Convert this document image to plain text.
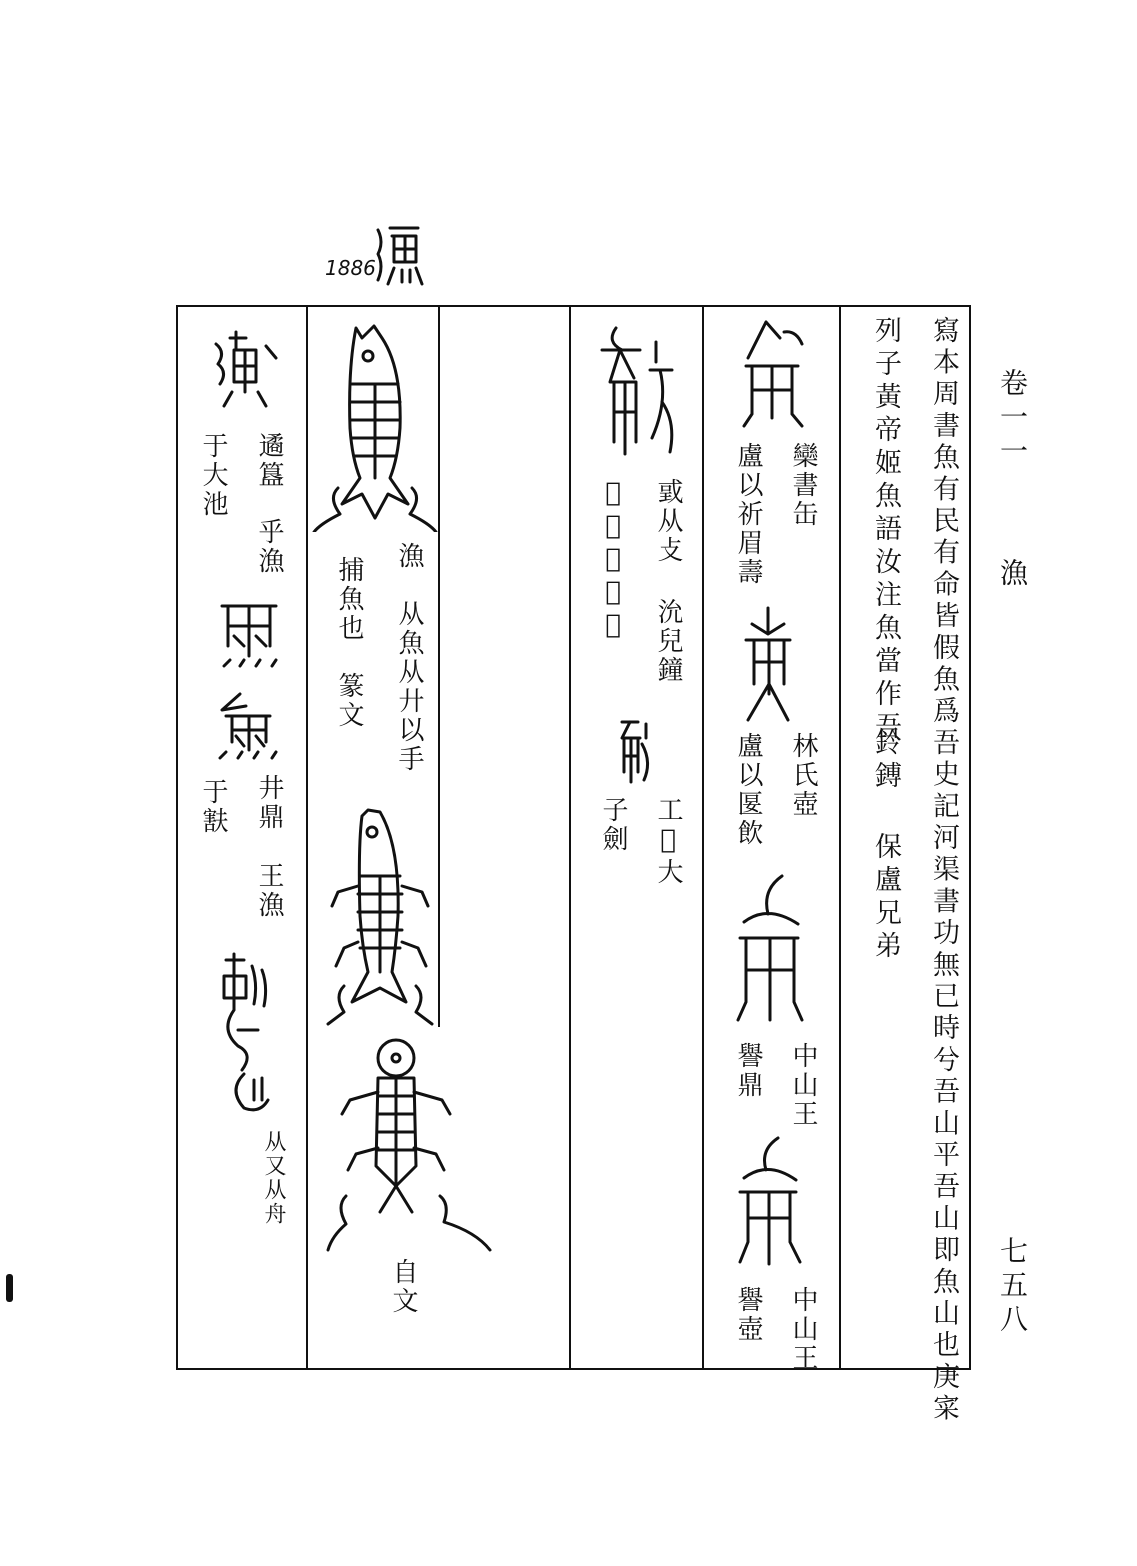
1886
卷一一
漁
七五八
寫本周書魚有民有命皆假魚爲吾史記河渠書功無已時兮吾山平吾山即魚山也庚寀
列子黃帝姬魚語汝注魚當作吾
鈴鎛
保盧兄弟
欒書缶
盧以祈眉壽
林氏壺
盧以匽飲
中山王
譽鼎
中山王
譽壺
戜从攴
𢻱以匽以喜 沇兒鐘
工𢻱大
子劍
漁
从魚从廾以手
捕魚也
篆文
自文
遹簋
于大池
乎漁
井鼎
于㝬
王漁
从又从舟
